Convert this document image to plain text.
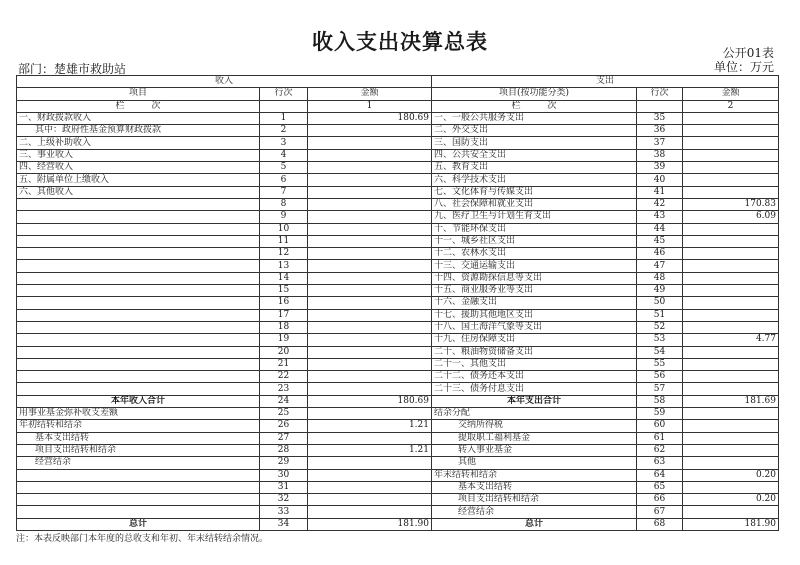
收入支出决算总表	公开01表
单位：万元
部门：楚雄市救助站
收入			支出		
项目	行次	金额	项目(按功能分类)	行次	金额
栏　　　次		1	栏　　　次		2
一、财政拨款收入	1	180.69	一、一般公共服务支出	35	
其中：政府性基金预算财政拨款	2		二、外交支出	36	
二、上级补助收入	3		三、国防支出	37	
三、事业收入	4		四、公共安全支出	38	
四、经营收入	5		五、教育支出	39	
五、附属单位上缴收入	6		六、科学技术支出	40	
六、其他收入	7		七、文化体育与传媒支出	41	
	8		八、社会保障和就业支出	42	170.83
	9		九、医疗卫生与计划生育支出	43	6.09
	10		十、节能环保支出	44	
	11		十一、城乡社区支出	45	
	12		十二、农林水支出	46	
	13		十三、交通运输支出	47	
	14		十四、资源勘探信息等支出	48	
	15		十五、商业服务业等支出	49	
	16		十六、金融支出	50	
	17		十七、援助其他地区支出	51	
	18		十八、国土海洋气象等支出	52	
	19		十九、住房保障支出	53	4.77
	20		二十、粮油物资储备支出	54	
	21		二十一、其他支出	55	
	22		二十二、债务还本支出	56	
	23		二十三、债务付息支出	57	
本年收入合计	24	180.69	本年支出合计	58	181.69
用事业基金弥补收支差额	25		结余分配	59	
年初结转和结余	26	1.21	交纳所得税	60	
基本支出结转	27		提取职工福利基金	61	
项目支出结转和结余	28	1.21	转入事业基金	62	
经营结余	29		其他	63	
	30		年末结转和结余	64	0.20
	31		基本支出结转	65	
	32		项目支出结转和结余	66	0.20
	33		经营结余	67	
总计	34	181.90	总计	68	181.90
注：本表反映部门本年度的总收支和年初、年末结转结余情况。
